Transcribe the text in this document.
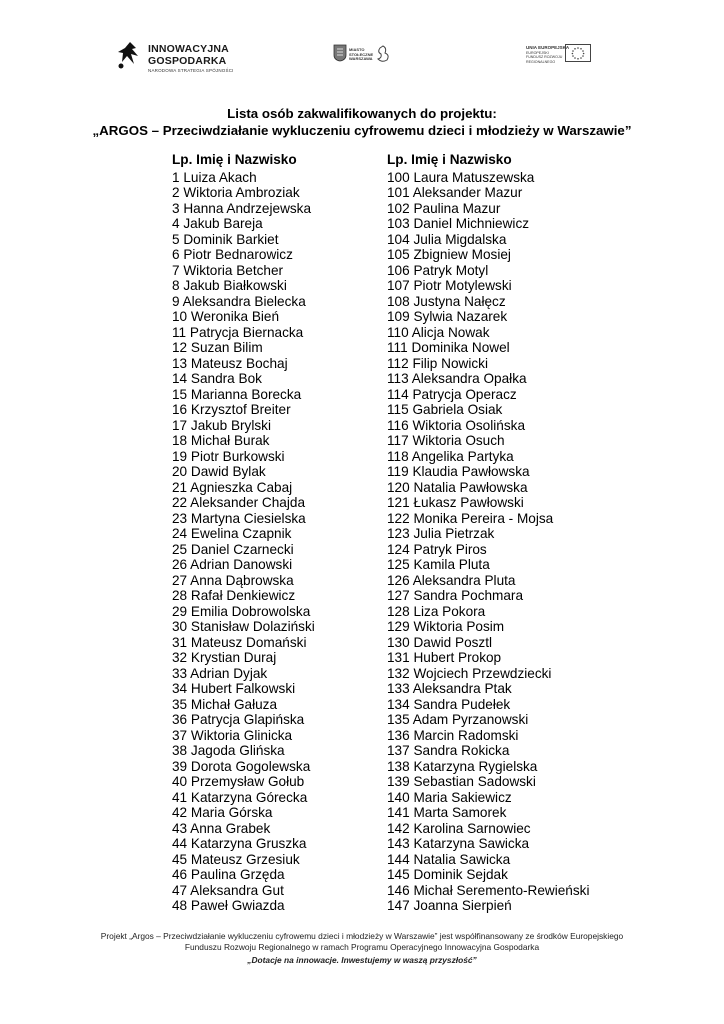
INNOWACYJNA
GOSPODARKA
NARODOWA STRATEGIA SPÓJNOŚCI
MIASTO STOŁECZNE WARSZAWA
UNIA EUROPEJSKA
EUROPEJSKI FUNDUSZ ROZWOJU REGIONALNEGO
Lista osób zakwalifikowanych do projektu:
„ARGOS – Przeciwdziałanie wykluczeniu cyfrowemu dzieci i młodzieży w Warszawie”
Lp. Imię i Nazwisko
1 Luiza Akach
2 Wiktoria Ambroziak
3 Hanna Andrzejewska
4 Jakub Bareja
5 Dominik Barkiet
6 Piotr Bednarowicz
7 Wiktoria Betcher
8 Jakub Białkowski
9 Aleksandra Bielecka
10 Weronika Bień
11 Patrycja Biernacka
12 Suzan Bilim
13 Mateusz Bochaj
14 Sandra Bok
15 Marianna Borecka
16 Krzysztof Breiter
17 Jakub Brylski
18 Michał Burak
19 Piotr Burkowski
20 Dawid Bylak
21 Agnieszka Cabaj
22 Aleksander Chajda
23 Martyna Ciesielska
24 Ewelina Czapnik
25 Daniel Czarnecki
26 Adrian Danowski
27 Anna Dąbrowska
28 Rafał Denkiewicz
29 Emilia Dobrowolska
30 Stanisław Dolaziński
31 Mateusz Domański
32 Krystian Duraj
33 Adrian Dyjak
34 Hubert Falkowski
35 Michał Gałuza
36 Patrycja Glapińska
37 Wiktoria Glinicka
38 Jagoda Glińska
39 Dorota Gogolewska
40 Przemysław Gołub
41 Katarzyna Górecka
42 Maria Górska
43 Anna Grabek
44 Katarzyna Gruszka
45 Mateusz Grzesiuk
46 Paulina Grzęda
47 Aleksandra Gut
48 Paweł Gwiazda
Lp. Imię i Nazwisko
100 Laura Matuszewska
101 Aleksander Mazur
102 Paulina Mazur
103 Daniel Michniewicz
104 Julia Migdalska
105 Zbigniew Mosiej
106 Patryk Motyl
107 Piotr Motylewski
108 Justyna Nałęcz
109 Sylwia Nazarek
110 Alicja Nowak
111 Dominika Nowel
112 Filip Nowicki
113 Aleksandra Opałka
114 Patrycja Operacz
115 Gabriela Osiak
116 Wiktoria Osolińska
117 Wiktoria Osuch
118 Angelika Partyka
119 Klaudia Pawłowska
120 Natalia Pawłowska
121 Łukasz Pawłowski
122 Monika Pereira - Mojsa
123 Julia Pietrzak
124 Patryk Piros
125 Kamila Pluta
126 Aleksandra Pluta
127 Sandra Pochmara
128 Liza Pokora
129 Wiktoria Posim
130 Dawid Posztl
131 Hubert Prokop
132 Wojciech Przewdziecki
133 Aleksandra Ptak
134 Sandra Pudełek
135 Adam Pyrzanowski
136 Marcin Radomski
137 Sandra Rokicka
138 Katarzyna Rygielska
139 Sebastian Sadowski
140 Maria Sakiewicz
141 Marta Samorek
142 Karolina Sarnowiec
143 Katarzyna Sawicka
144 Natalia Sawicka
145 Dominik Sejdak
146 Michał Seremento-Rewieński
147 Joanna Sierpień
Projekt „Argos – Przeciwdziałanie wykluczeniu cyfrowemu dzieci i młodzieży w Warszawie” jest współfinansowany ze środków Europejskiego
Funduszu Rozwoju Regionalnego w ramach Programu Operacyjnego Innowacyjna Gospodarka
„Dotacje na innowacje. Inwestujemy w waszą przyszłość”
